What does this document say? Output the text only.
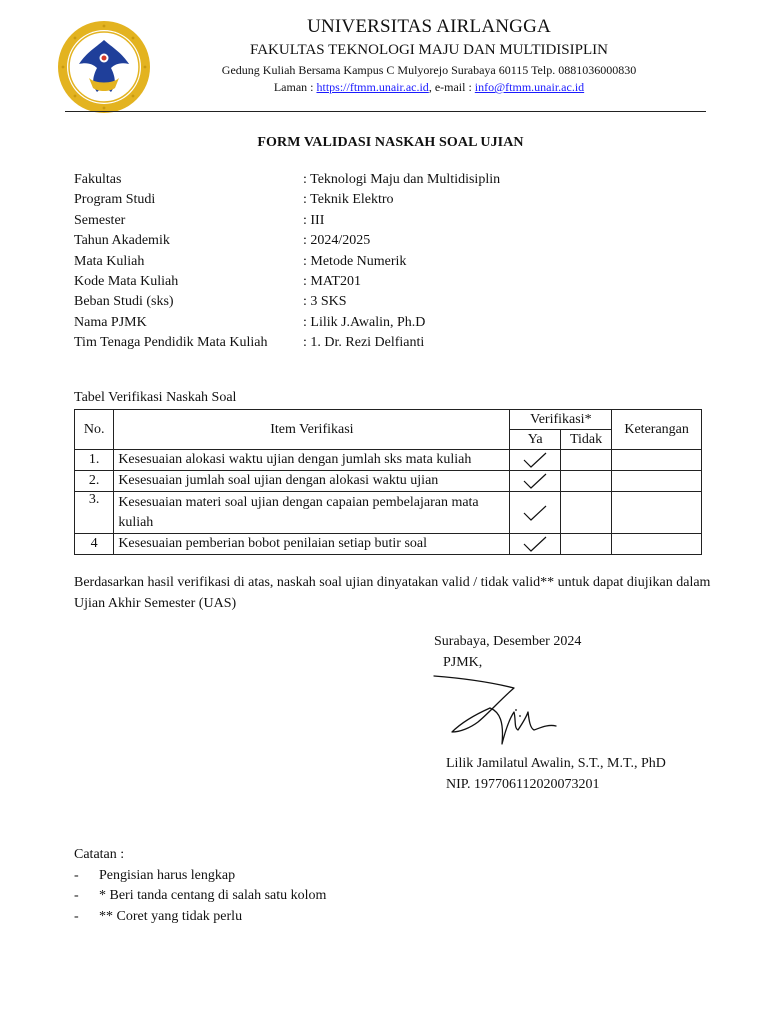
UNIVERSITAS AIRLANGGA
FAKULTAS TEKNOLOGI MAJU DAN MULTIDISIPLIN
Gedung Kuliah Bersama Kampus C Mulyorejo Surabaya 60115 Telp. 0881036000830
Laman : https://ftmm.unair.ac.id, e-mail : info@ftmm.unair.ac.id
FORM VALIDASI NASKAH SOAL UJIAN
Fakultas	: Teknologi Maju dan Multidisiplin
Program Studi	: Teknik Elektro
Semester	: III
Tahun Akademik	: 2024/2025
Mata Kuliah	: Metode Numerik
Kode Mata Kuliah	: MAT201
Beban Studi (sks)	: 3 SKS
Nama PJMK	: Lilik J.Awalin, Ph.D
Tim Tenaga Pendidik Mata Kuliah	: 1. Dr. Rezi Delfianti
Tabel Verifikasi Naskah Soal
No.	Item Verifikasi	Verifikasi*		Keterangan
		Ya	Tidak	
1.	Kesesuaian alokasi waktu ujian dengan jumlah sks mata kuliah	

2.	Kesesuaian jumlah soal ujian dengan alokasi waktu ujian	

3.	Kesesuaian materi soal ujian dengan capaian pembelajaran mata kuliah	

4	Kesesuaian pemberian bobot penilaian setiap butir soal	

Berdasarkan hasil verifikasi di atas, naskah soal ujian dinyatakan valid / tidak valid** untuk dapat diujikan dalam Ujian Akhir Semester (UAS)
Surabaya, Desember 2024
PJMK,
Lilik Jamilatul Awalin, S.T., M.T., PhD
NIP. 197706112020073201
Catatan :
- Pengisian harus lengkap
- * Beri tanda centang di salah satu kolom
- ** Coret yang tidak perlu
